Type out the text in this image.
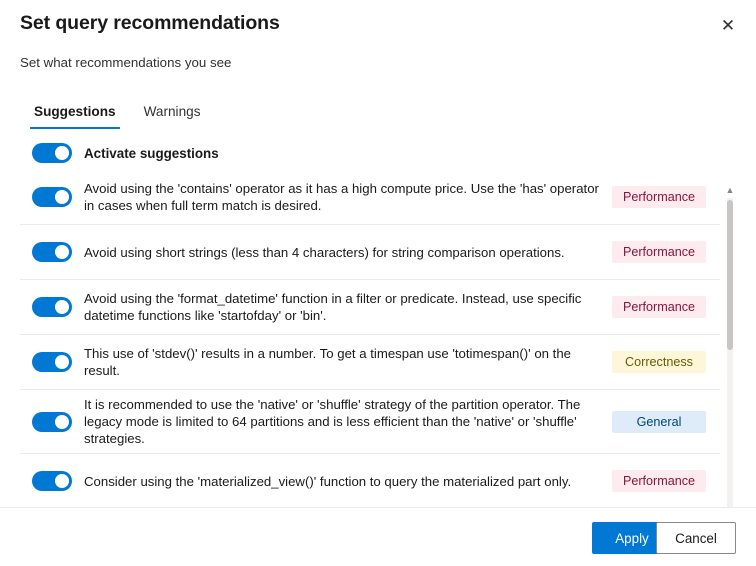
Set query recommendations	✕
Set what recommendations you see
Suggestions	Warnings
Activate suggestions
Avoid using the 'contains' operator as it has a high compute price. Use the 'has' operator in cases when full term match is desired.
Performance
Avoid using short strings (less than 4 characters) for string comparison operations.	Performance
Avoid using the 'format_datetime' function in a filter or predicate. Instead, use specific datetime functions like 'startofday' or 'bin'.
Performance
This use of 'stdev()' results in a number. To get a timespan use 'totimespan()' on the result.
Correctness
It is recommended to use the 'native' or 'shuffle' strategy of the partition operator. The legacy mode is limited to 64 partitions and is less efficient than the 'native' or 'shuffle' strategies.
General
Consider using the 'materialized_view()' function to query the materialized part only.	Performance
▲
Apply	Cancel
